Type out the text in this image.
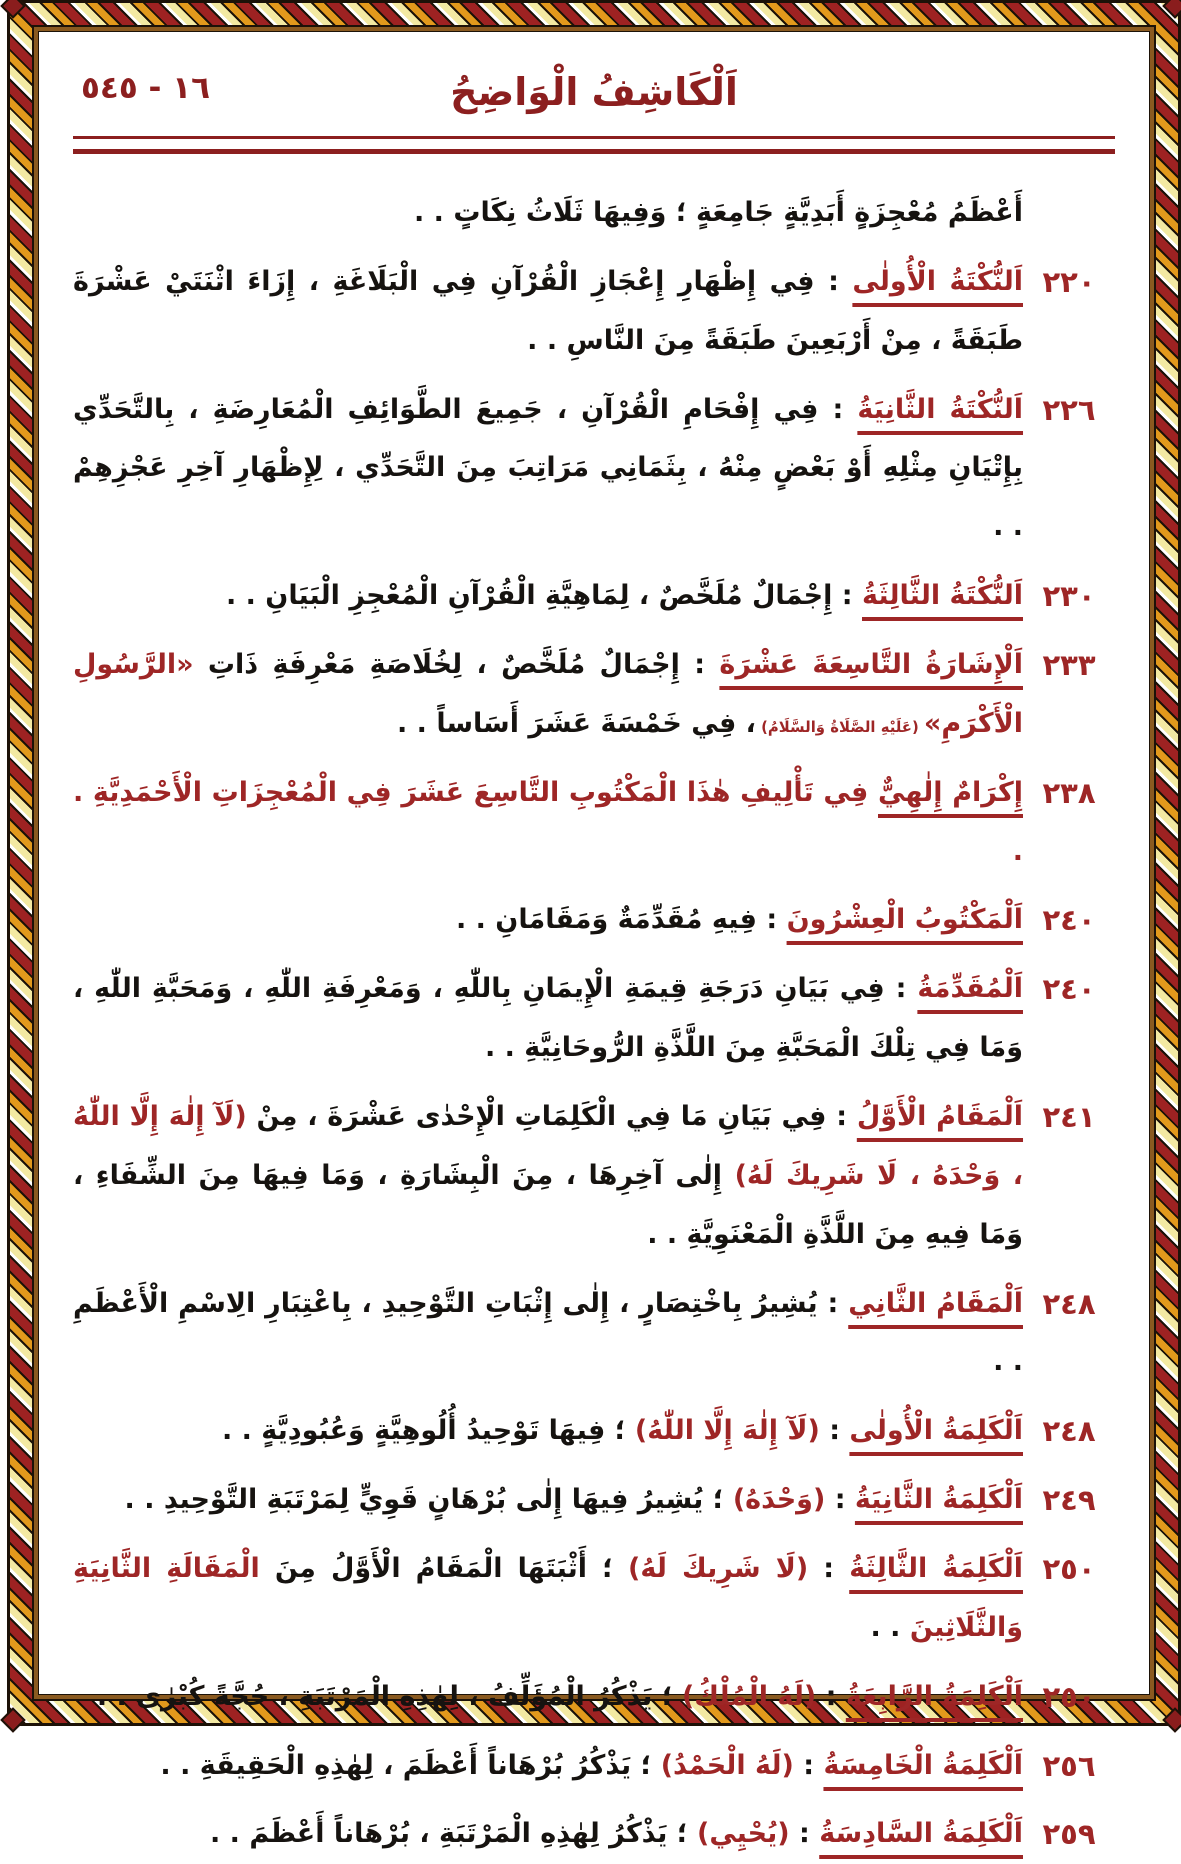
١٦ - ٥٤٥	اَلْكَاشِفُ الْوَاضِحُ
أَعْظَمُ مُعْجِزَةٍ أَبَدِيَّةٍ جَامِعَةٍ ؛ وَفِيهَا ثَلَاثُ نِكَاتٍ . .
٢٢٠
اَلنُّكْتَةُ الْأُولٰى : فِي إِظْهَارِ إِعْجَازِ الْقُرْآنِ فِي الْبَلَاغَةِ ، إِزَاءَ اثْنَتَيْ عَشْرَةَ طَبَقَةً ، مِنْ أَرْبَعِينَ طَبَقَةً مِنَ النَّاسِ . .
٢٢٦
اَلنُّكْتَةُ الثَّانِيَةُ : فِي إِفْحَامِ الْقُرْآنِ ، جَمِيعَ الطَّوَائِفِ الْمُعَارِضَةِ ، بِالتَّحَدِّي بِإِتْيَانِ مِثْلِهِ أَوْ بَعْضٍ مِنْهُ ، بِثَمَانِي مَرَاتِبَ مِنَ التَّحَدِّي ، لِإِظْهَارِ آخِرِ عَجْزِهِمْ . .
٢٣٠
اَلنُّكْتَةُ الثَّالِثَةُ : إِجْمَالٌ مُلَخَّصٌ ، لِمَاهِيَّةِ الْقُرْآنِ الْمُعْجِزِ الْبَيَانِ . .
٢٣٣
اَلْإِشَارَةُ التَّاسِعَةَ عَشْرَةَ : إِجْمَالٌ مُلَخَّصٌ ، لِخُلَاصَةِ مَعْرِفَةِ ذَاتِ «الرَّسُولِ الْأَكْرَمِ» (عَلَيْهِ الصَّلَاةُ وَالسَّلَامُ) ، فِي خَمْسَةَ عَشَرَ أَسَاساً . .
٢٣٨
إِكْرَامٌ إِلٰهِيٌّ فِي تَأْلِيفِ هٰذَا الْمَكْتُوبِ التَّاسِعَ عَشَرَ فِي الْمُعْجِزَاتِ الْأَحْمَدِيَّةِ . .
٢٤٠
اَلْمَكْتُوبُ الْعِشْرُونَ : فِيهِ مُقَدِّمَةٌ وَمَقَامَانِ . .
٢٤٠
اَلْمُقَدِّمَةُ : فِي بَيَانِ دَرَجَةِ قِيمَةِ الْإِيمَانِ بِاللّٰهِ ، وَمَعْرِفَةِ اللّٰهِ ، وَمَحَبَّةِ اللّٰهِ ، وَمَا فِي تِلْكَ الْمَحَبَّةِ مِنَ اللَّذَّةِ الرُّوحَانِيَّةِ . .
٢٤١
اَلْمَقَامُ الْأَوَّلُ : فِي بَيَانِ مَا فِي الْكَلِمَاتِ الْإِحْدٰى عَشْرَةَ ، مِنْ (لَآ إِلٰهَ إِلَّا اللّٰهُ ، وَحْدَهُ ، لَا شَرِيكَ لَهُ) إِلٰى آخِرِهَا ، مِنَ الْبِشَارَةِ ، وَمَا فِيهَا مِنَ الشِّفَاءِ ، وَمَا فِيهِ مِنَ اللَّذَّةِ الْمَعْنَوِيَّةِ . .
٢٤٨
اَلْمَقَامُ الثَّانِي : يُشِيرُ بِاخْتِصَارٍ ، إِلٰى إِثْبَاتِ التَّوْحِيدِ ، بِاعْتِبَارِ الِاسْمِ الْأَعْظَمِ . .
٢٤٨
اَلْكَلِمَةُ الْأُولٰى : (لَآ إِلٰهَ إِلَّا اللّٰهُ) ؛ فِيهَا تَوْحِيدُ أُلُوهِيَّةٍ وَعُبُودِيَّةٍ . .
٢٤٩
اَلْكَلِمَةُ الثَّانِيَةُ : (وَحْدَهُ) ؛ يُشِيرُ فِيهَا إِلٰى بُرْهَانٍ قَوِيٍّ لِمَرْتَبَةِ التَّوْحِيدِ . .
٢٥٠
اَلْكَلِمَةُ الثَّالِثَةُ : (لَا شَرِيكَ لَهُ) ؛ أَثْبَتَهَا الْمَقَامُ الْأَوَّلُ مِنَ الْمَقَالَةِ الثَّانِيَةِ وَالثَّلَاثِينَ . .
٢٥٠
اَلْكَلِمَةُ الرَّابِعَةُ : (لَهُ الْمُلْكُ) ؛ يَذْكُرُ الْمُؤَلِّفُ ، لِهٰذِهِ الْمَرْتَبَةِ ، حُجَّةً كُبْرٰى . .
٢٥٦
اَلْكَلِمَةُ الْخَامِسَةُ : (لَهُ الْحَمْدُ) ؛ يَذْكُرُ بُرْهَاناً أَعْظَمَ ، لِهٰذِهِ الْحَقِيقَةِ . .
٢٥٩
اَلْكَلِمَةُ السَّادِسَةُ : (يُحْيِي) ؛ يَذْكُرُ لِهٰذِهِ الْمَرْتَبَةِ ، بُرْهَاناً أَعْظَمَ . .
